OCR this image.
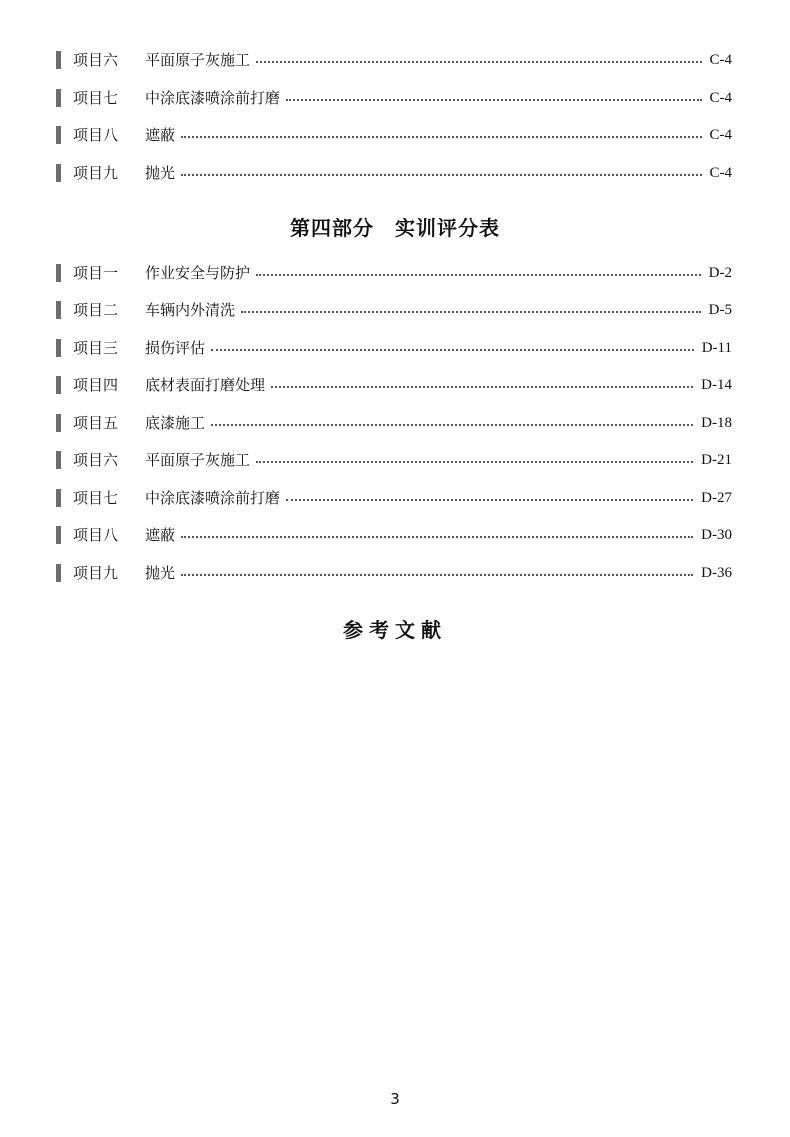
项目六	平面原子灰施工	C-4
项目七	中涂底漆喷涂前打磨	C-4
项目八	遮蔽	C-4
项目九	抛光	C-4
第四部分　实训评分表
项目一	作业安全与防护	D-2
项目二	车辆内外清洗	D-5
项目三	损伤评估	D-11
项目四	底材表面打磨处理	D-14
项目五	底漆施工	D-18
项目六	平面原子灰施工	D-21
项目七	中涂底漆喷涂前打磨	D-27
项目八	遮蔽	D-30
项目九	抛光	D-36
参考文献
3
